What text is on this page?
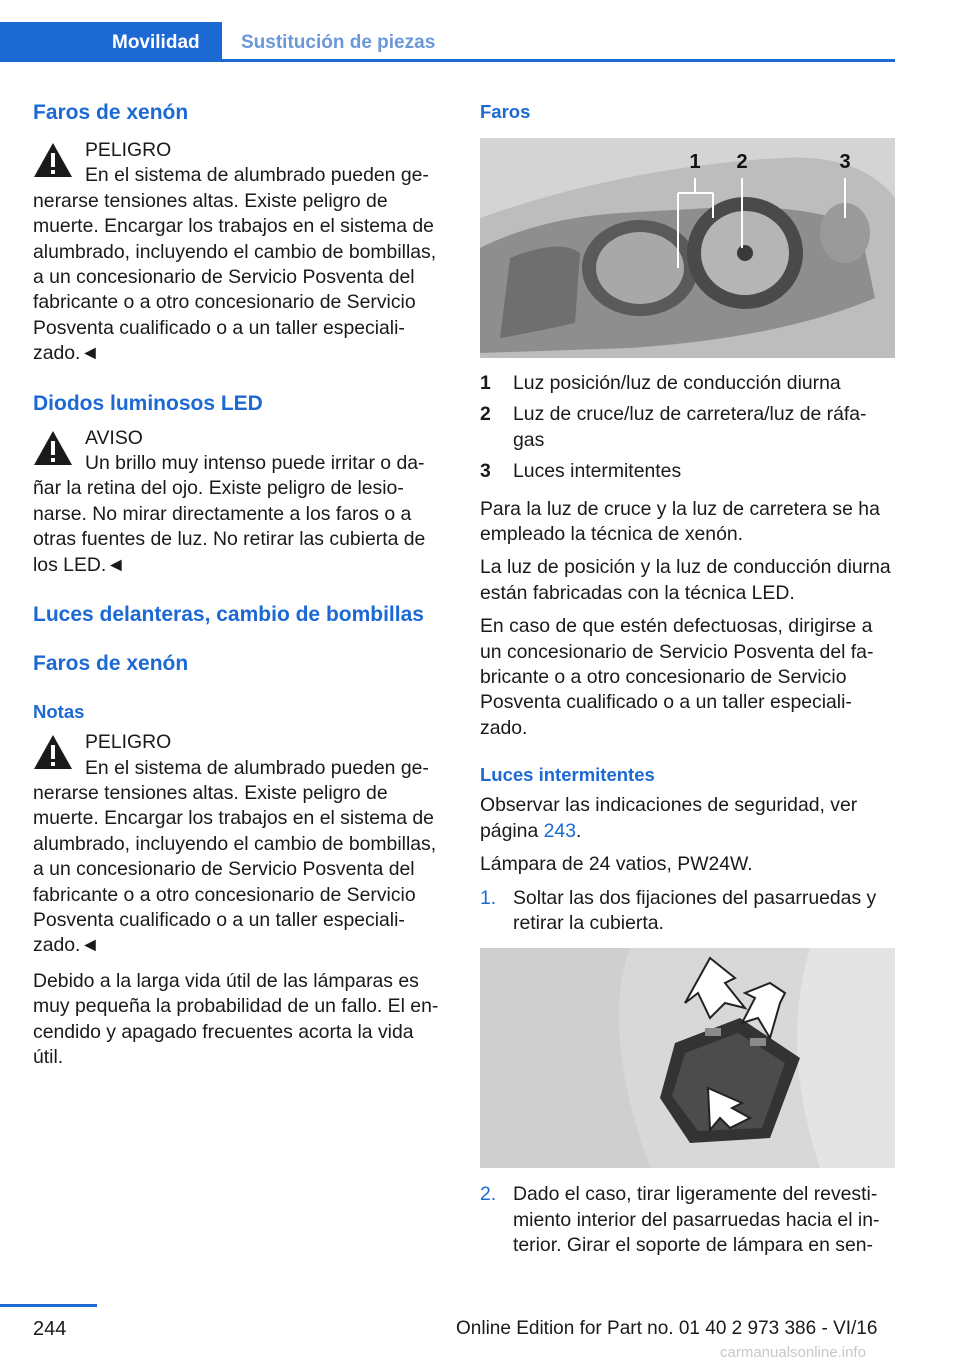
Movilidad Sustitución de piezas
Faros de xenón
PELIGRO
En el sistema de alumbrado pueden ge-

nerarse tensiones altas. Existe peligro de muerte. Encargar los trabajos en el sistema de alumbrado, incluyendo el cambio de bombillas, a un concesionario de Servicio Posventa del fabricante o a otro concesionario de Servicio Posventa cualificado o a un taller especiali-zado.◄

Diodos luminosos LED
AVISO
Un brillo muy intenso puede irritar o da-

ñar la retina del ojo. Existe peligro de lesio-narse. No mirar directamente a los faros o a otras fuentes de luz. No retirar las cubierta de los LED.◄

Luces delanteras, cambio de bombillas
Faros de xenón
Notas
PELIGRO
En el sistema de alumbrado pueden ge-

nerarse tensiones altas. Existe peligro de muerte. Encargar los trabajos en el sistema de alumbrado, incluyendo el cambio de bombillas, a un concesionario de Servicio Posventa del fabricante o a otro concesionario de Servicio Posventa cualificado o a un taller especiali-zado.◄

Debido a la larga vida útil de las lámparas es muy pequeña la probabilidad de un fallo. El en-cendido y apagado frecuentes acorta la vida útil.

Faros
1 2	3
1 Luz posición/luz de conducción diurna
2 Luz de cruce/luz de carretera/luz de ráfa-gas
3 Luces intermitentes

Para la luz de cruce y la luz de carretera se ha empleado la técnica de xenón.

La luz de posición y la luz de conducción diurna están fabricadas con la técnica LED.

En caso de que estén defectuosas, dirigirse a un concesionario de Servicio Posventa del fa-bricante o a otro concesionario de Servicio Posventa cualificado o a un taller especiali-zado.

Luces intermitentes

Observar las indicaciones de seguridad, ver página 243.

Lámpara de 24 vatios, PW24W.

1. Soltar las dos fijaciones del pasarruedas y retirar la cubierta.
2. Dado el caso, tirar ligeramente del revesti-miento interior del pasarruedas hacia el in-terior. Girar el soporte de lámpara en sen-
244	Online Edition for Part no. 01 40 2 973 386 - VI/16
carmanualsonline.info
